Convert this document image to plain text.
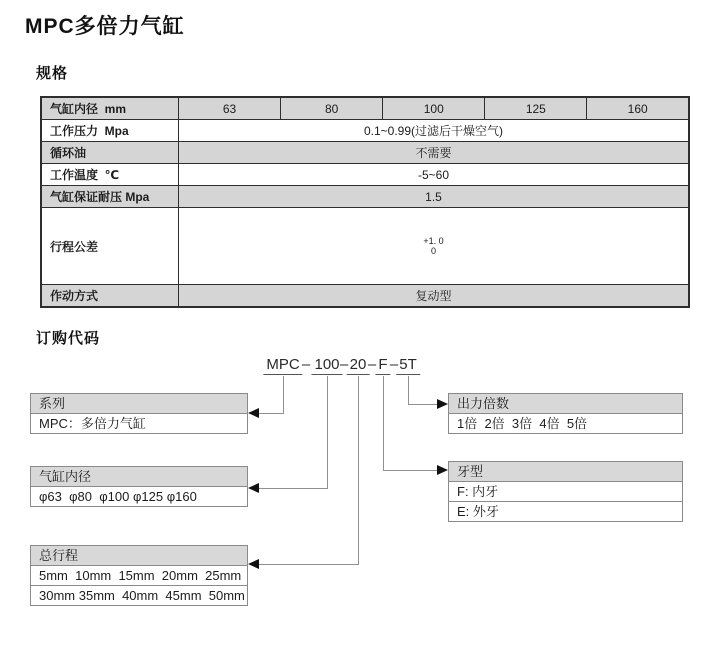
MPC多倍力气缸
规格
气缸内径  mm	63	80	100	125	160
工作压力  Mpa	0.1~0.99(过滤后干燥空气)				
循环油	不需要				
工作温度  ℃	-5~60				
气缸保证耐压 Mpa	1.5				
行程公差	+1. 0
0				

作动方式	复动型				
订购代码
MPC – 100 – 20 – F – 5T
系列
MPC：多倍力气缸
气缸内径
φ63  φ80  φ100 φ125 φ160
总行程
5mm  10mm  15mm  20mm  25mm
30mm 35mm  40mm  45mm  50mm
出力倍数
1倍  2倍  3倍  4倍  5倍
牙型
F: 内牙
E: 外牙
